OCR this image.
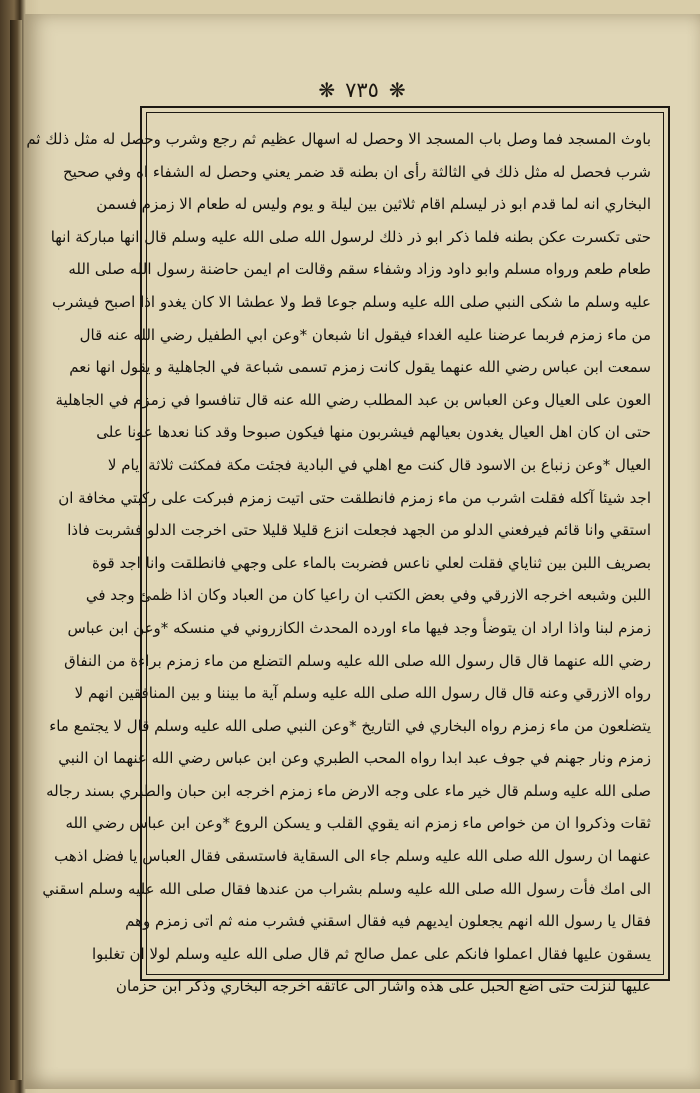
❋ ٧٣٥ ❋
باوث المسجد فما وصل باب المسجد الا وحصل له اسهال عظيم ثم رجع وشرب وحصل له مثل ذلك ثم
شرب فحصل له مثل ذلك في الثالثة رأى ان بطنه قد ضمر يعني وحصل له الشفاء اه وفي صحيح
البخاري انه لما قدم ابو ذر ليسلم اقام ثلاثين بين ليلة و يوم وليس له طعام الا زمزم فسمن
حتى تكسرت عكن بطنه فلما ذكر ابو ذر ذلك لرسول الله صلى الله عليه وسلم قال انها مباركة انها
طعام طعم ورواه مسلم وابو داود وزاد وشفاء سقم وقالت ام ايمن حاضنة رسول الله صلى الله
عليه وسلم ما شكى النبي صلى الله عليه وسلم جوعا قط ولا عطشا الا كان يغدو اذا اصبح فيشرب
من ماء زمزم فربما عرضنا عليه الغداء فيقول انا شبعان *وعن ابي الطفيل رضي الله عنه قال
سمعت ابن عباس رضي الله عنهما يقول كانت زمزم تسمى شباعة في الجاهلية و يقول انها نعم
العون على العيال وعن العباس بن عبد المطلب رضي الله عنه قال تنافسوا في زمزم في الجاهلية
حتى ان كان اهل العيال يغدون بعيالهم فيشربون منها فيكون صبوحا وقد كنا نعدها عونا على
العيال *وعن زنباع بن الاسود قال كنت مع اهلي في البادية فجئت مكة فمكثت ثلاثة ايام لا
اجد شيئا آكله فقلت اشرب من ماء زمزم فانطلقت حتى اتيت زمزم فبركت على ركبتي مخافة ان
استقي وانا قائم فيرفعني الدلو من الجهد فجعلت انزع قليلا قليلا حتى اخرجت الدلو فشربت فاذا
بصريف اللبن بين ثناياي فقلت لعلي ناعس فضربت بالماء على وجهي فانطلقت وانا اجد قوة
اللبن وشبعه اخرجه الازرقي وفي بعض الكتب ان راعيا كان من العباد وكان اذا ظمئ وجد في
زمزم لبنا واذا اراد ان يتوضأ وجد فيها ماء اورده المحدث الكازروني في منسكه *وعن ابن عباس
رضي الله عنهما قال قال رسول الله صلى الله عليه وسلم التضلع من ماء زمزم براءة من النفاق
رواه الازرقي وعنه قال قال رسول الله صلى الله عليه وسلم آية ما بيننا و بين المنافقين انهم لا
يتضلعون من ماء زمزم رواه البخاري في التاريخ *وعن النبي صلى الله عليه وسلم قال لا يجتمع ماء
زمزم ونار جهنم في جوف عبد ابدا رواه المحب الطبري وعن ابن عباس رضي الله عنهما ان النبي
صلى الله عليه وسلم قال خير ماء على وجه الارض ماء زمزم اخرجه ابن حبان والطبري بسند رجاله
ثقات وذكروا ان من خواص ماء زمزم انه يقوي القلب و يسكن الروع *وعن ابن عباس رضي الله
عنهما ان رسول الله صلى الله عليه وسلم جاء الى السقاية فاستسقى فقال العباس يا فضل اذهب
الى امك فأت رسول الله صلى الله عليه وسلم بشراب من عندها فقال صلى الله عليه وسلم اسقني
فقال يا رسول الله انهم يجعلون ايديهم فيه فقال اسقني فشرب منه ثم اتى زمزم وهم
يسقون عليها فقال اعملوا فانكم على عمل صالح ثم قال صلى الله عليه وسلم لولا ان تغلبوا
عليها لنزلت حتى اضع الحبل على هذه واشار الى عاتقه اخرجه البخاري وذكر ابن حزمان
